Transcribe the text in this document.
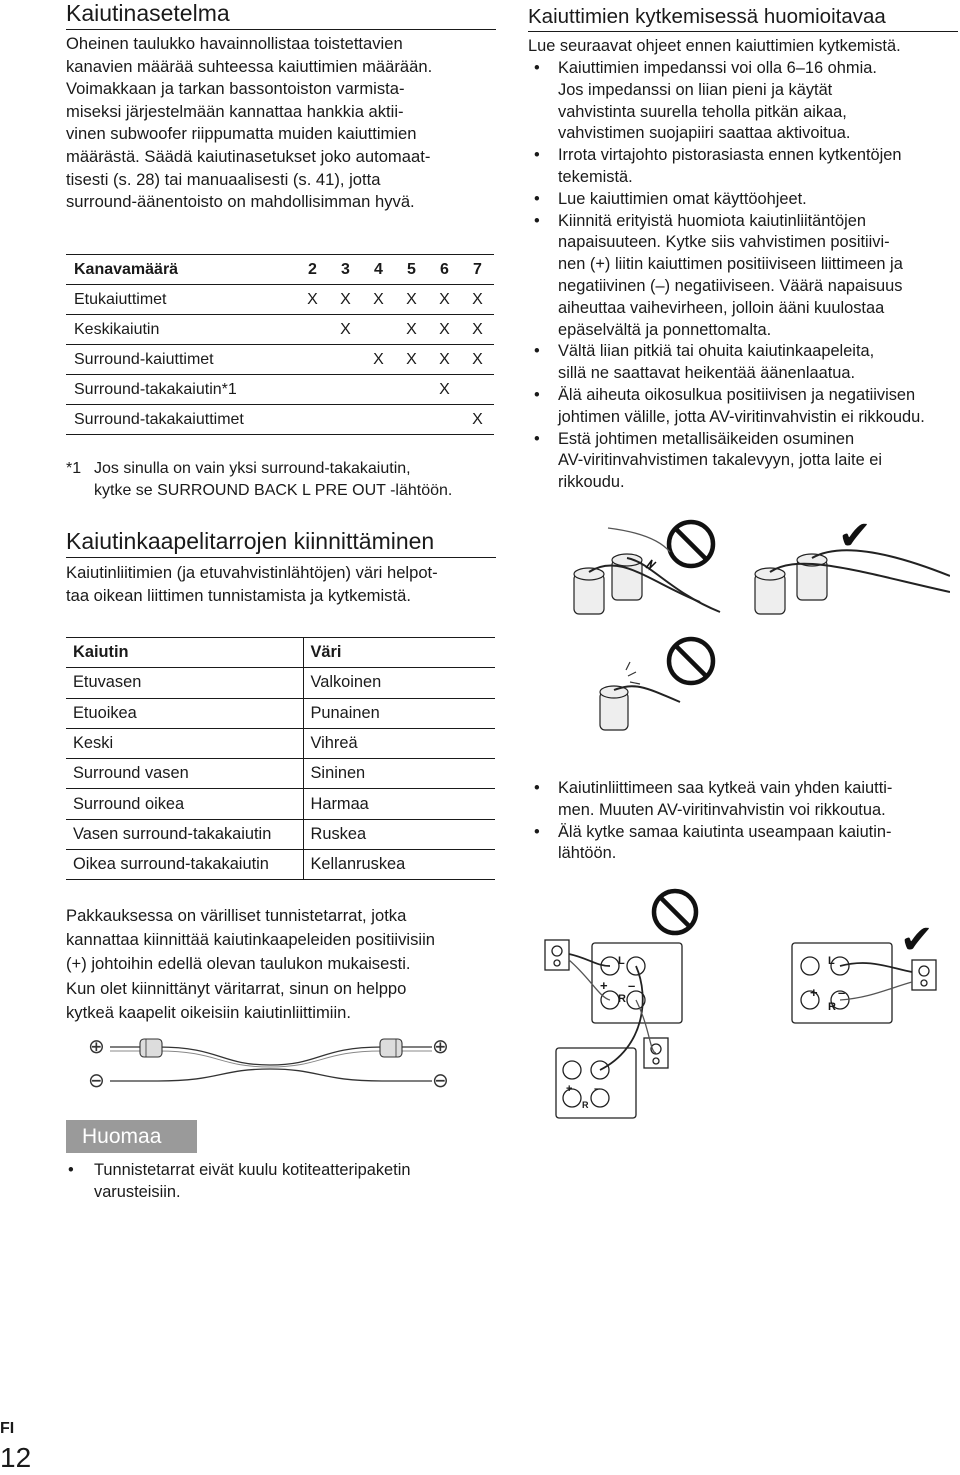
Kaiutinasetelma
Oheinen taulukko havainnollistaa toistettavien
kanavien määrää suhteessa kaiuttimien määrään.
Voimakkaan ja tarkan bassontoiston varmista-
miseksi järjestelmään kannattaa hankkia aktii-
vinen subwoofer riippumatta muiden kaiuttimien
määrästä. Säädä kaiutinasetukset joko automaat-
tisesti (s. 28) tai manuaalisesti (s. 41), jotta
surround-äänentoisto on mahdollisimman hyvä.
Kanavamäärä	2	3	4	5	6	7
Etukaiuttimet	X	X	X	X	X	X
Keskikaiutin		X		X	X	X
Surround-kaiuttimet			X	X	X	X
Surround-takakaiutin*1					X	
Surround-takakaiuttimet						X
*1 Jos sinulla on vain yksi surround-takakaiutin,
kytke se SURROUND BACK L PRE OUT -lähtöön.
Kaiutinkaapelitarrojen kiinnittäminen
Kaiutinliitimien (ja etuvahvistinlähtöjen) väri helpot-
taa oikean liittimen tunnistamista ja kytkemistä.
Kaiutin	Väri
Etuvasen	Valkoinen
Etuoikea	Punainen
Keski	Vihreä
Surround vasen	Sininen
Surround oikea	Harmaa
Vasen surround-takakaiutin	Ruskea
Oikea surround-takakaiutin	Kellanruskea
Pakkauksessa on värilliset tunnistetarrat, jotka
kannattaa kiinnittää kaiutinkaapeleiden positiivisiin
(+) johtoihin edellä olevan taulukon mukaisesti.
Kun olet kiinnittänyt väritarrat, sinun on helppo
kytkeä kaapelit oikeisiin kaiutinliittimiin.
⊕
⊖
⊕
⊖
Huomaa
•	Tunnistetarrat eivät kuulu kotiteatteripaketin
varusteisiin.
Kaiuttimien kytkemisessä huomioitavaa
Lue seuraavat ohjeet ennen kaiuttimien kytkemistä.
• Kaiuttimien impedanssi voi olla 6–16 ohmia.
Jos impedanssi on liian pieni ja käytät
vahvistinta suurella teholla pitkän aikaa,
vahvistimen suojapiiri saattaa aktivoitua.
• Irrota virtajohto pistorasiasta ennen kytkentöjen
tekemistä.
• Lue kaiuttimien omat käyttöohjeet.
• Kiinnitä erityistä huomiota kaiutinliitäntöjen
napaisuuteen. Kytke siis vahvistimen positiivi-
nen (+) liitin kaiuttimen positiiviseen liittimeen ja
negatiivinen (–) negatiiviseen. Väärä napaisuus
aiheuttaa vaihevirheen, jolloin ääni kuulostaa
epäselvältä ja ponnettomalta.
• Vältä liian pitkiä tai ohuita kaiutinkaapeleita,
sillä ne saattavat heikentää äänenlaatua.
• Älä aiheuta oikosulkua positiivisen ja negatiivisen
johtimen välille, jotta AV-viritinvahvistin ei rikkoudu.
• Estä johtimen metallisäikeiden osuminen
AV-viritinvahvistimen takalevyyn, jotta laite ei
rikkoudu.
✔
• Kaiutinliittimeen saa kytkeä vain yhden kaiutti-
men. Muuten AV-viritinvahvistin voi rikkoutua.
• Älä kytke samaa kaiutinta useampaan kaiutin-
lähtöön.
✔
L
R
+ –
L
R
+ –
+ –
R
FI
12
